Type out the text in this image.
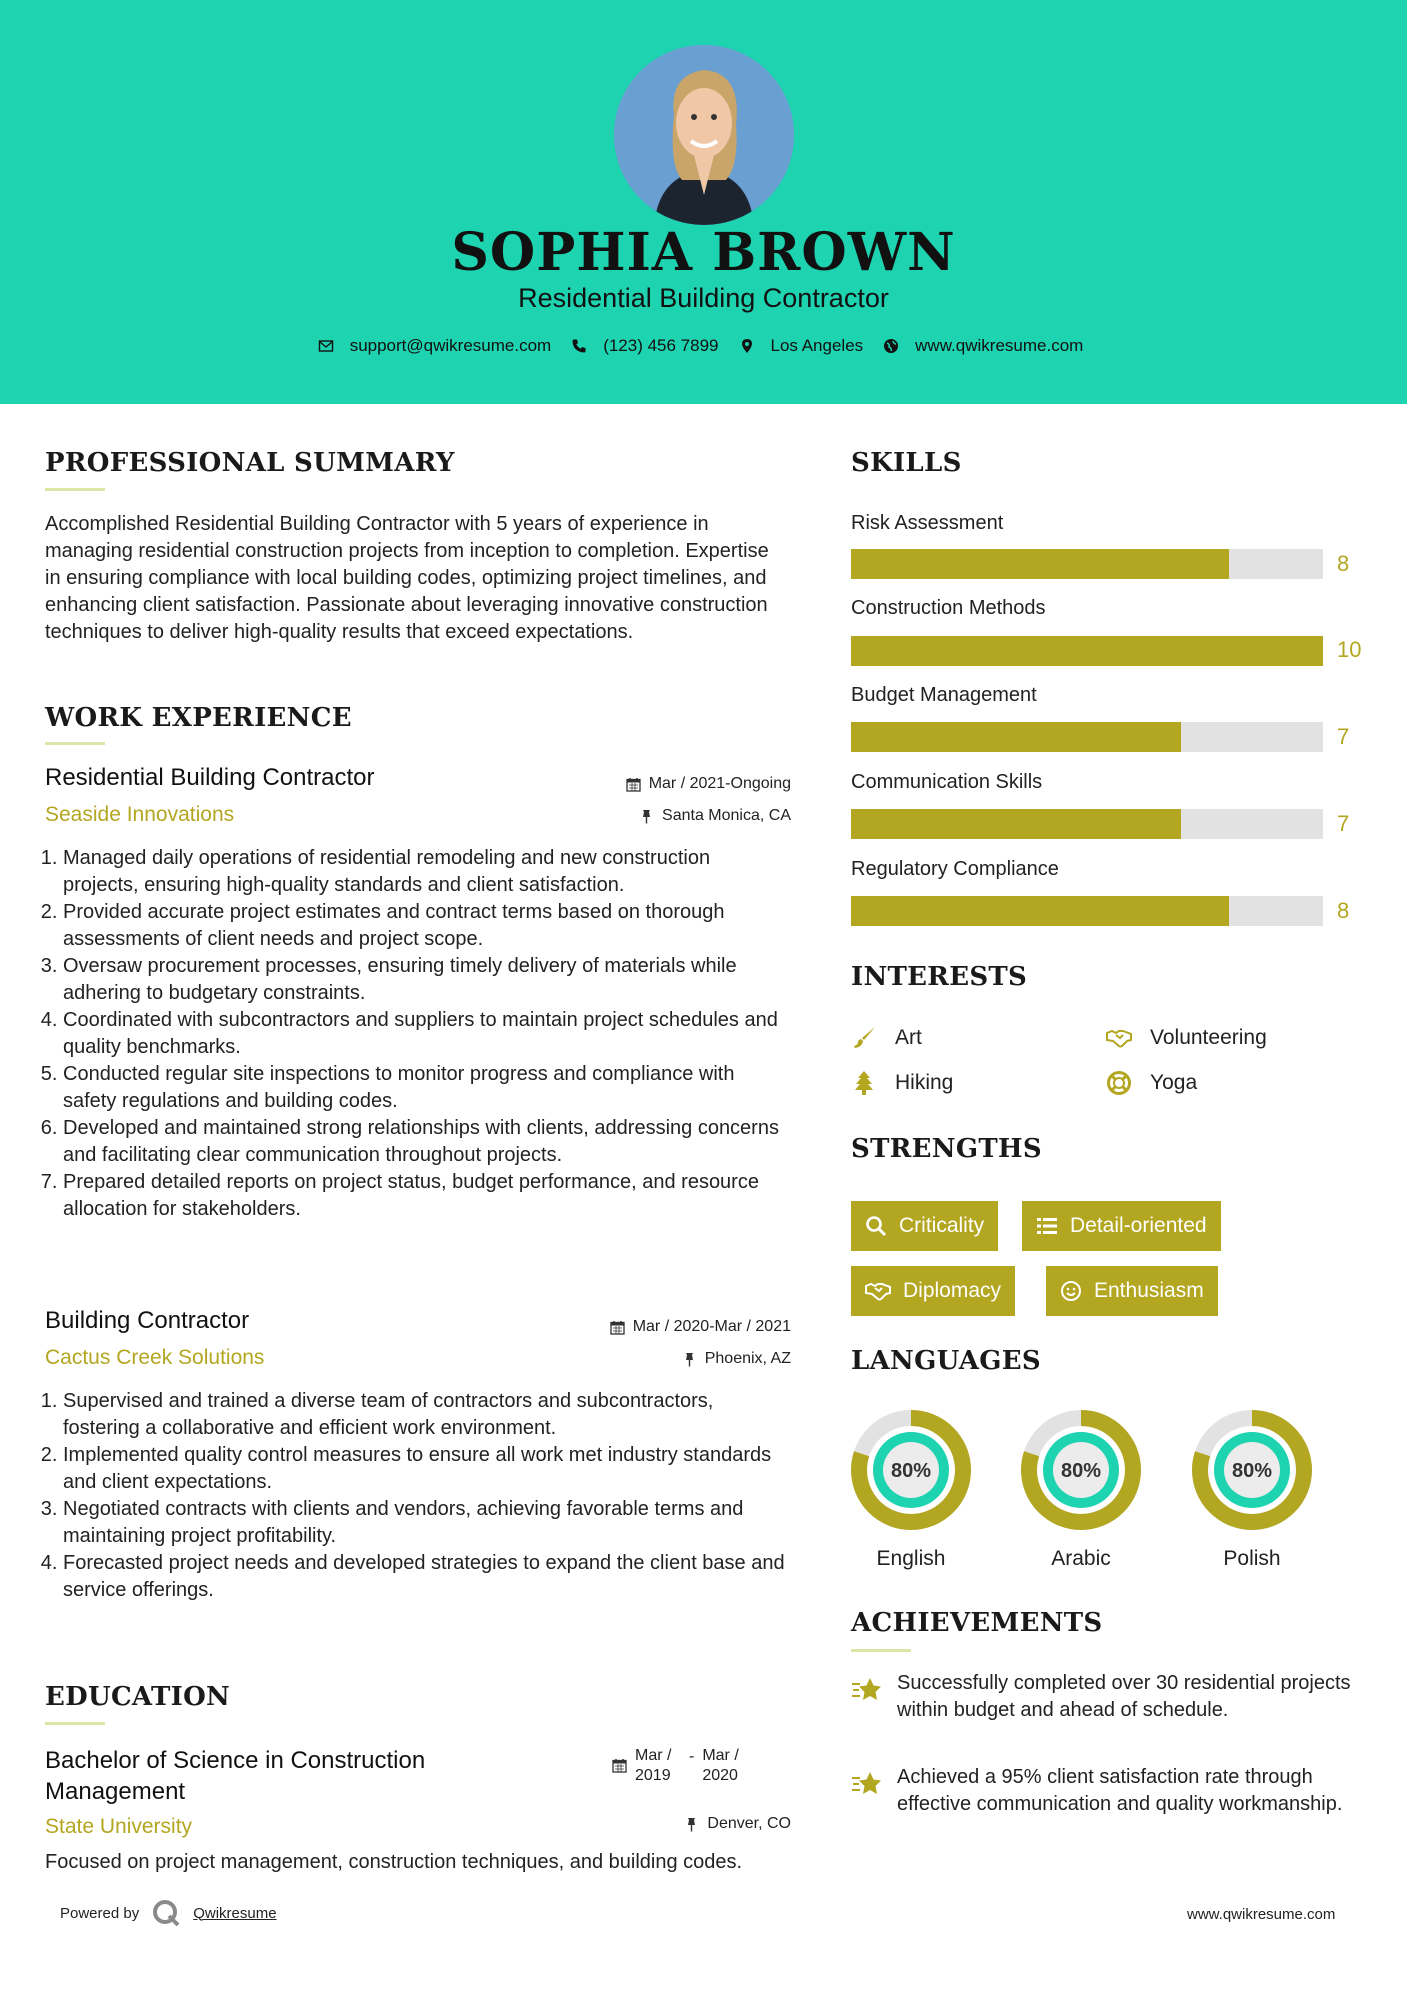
SOPHIA BROWN
Residential Building Contractor
support@qwikresume.com	(123) 456 7899	Los Angeles	www.qwikresume.com
PROFESSIONAL SUMMARY
Accomplished Residential Building Contractor with 5 years of experience in managing residential construction projects from inception to completion. Expertise in ensuring compliance with local building codes, optimizing project timelines, and enhancing client satisfaction. Passionate about leveraging innovative construction techniques to deliver high-quality results that exceed expectations.
WORK EXPERIENCE
Residential Building Contractor
Seaside Innovations
Mar / 2021-Ongoing
Santa Monica, CA
1. Managed daily operations of residential remodeling and new construction projects, ensuring high-quality standards and client satisfaction.
2. Provided accurate project estimates and contract terms based on thorough assessments of client needs and project scope.
3. Oversaw procurement processes, ensuring timely delivery of materials while adhering to budgetary constraints.
4. Coordinated with subcontractors and suppliers to maintain project schedules and quality benchmarks.
5. Conducted regular site inspections to monitor progress and compliance with safety regulations and building codes.
6. Developed and maintained strong relationships with clients, addressing concerns and facilitating clear communication throughout projects.
7. Prepared detailed reports on project status, budget performance, and resource allocation for stakeholders.
Building Contractor
Cactus Creek Solutions
Mar / 2020-Mar / 2021
Phoenix, AZ
1. Supervised and trained a diverse team of contractors and subcontractors, fostering a collaborative and efficient work environment.
2. Implemented quality control measures to ensure all work met industry standards and client expectations.
3. Negotiated contracts with clients and vendors, achieving favorable terms and maintaining project profitability.
4. Forecasted project needs and developed strategies to expand the client base and service offerings.
EDUCATION
Bachelor of Science in Construction Management
Mar / 2019
- Mar / 2020
State University	Denver, CO
Focused on project management, construction techniques, and building codes.
SKILLS
Risk Assessment
8
Construction Methods
10
Budget Management
7
Communication Skills
7
Regulatory Compliance
8
INTERESTS
Art	Volunteering
Hiking	Yoga
STRENGTHS
Criticality	Detail-oriented
Diplomacy	Enthusiasm
LANGUAGES
80%
English
80%
Arabic
80%
Polish
ACHIEVEMENTS
Successfully completed over 30 residential projects within budget and ahead of schedule.
Achieved a 95% client satisfaction rate through effective communication and quality workmanship.
Powered by	Qwikresume	www.qwikresume.com
